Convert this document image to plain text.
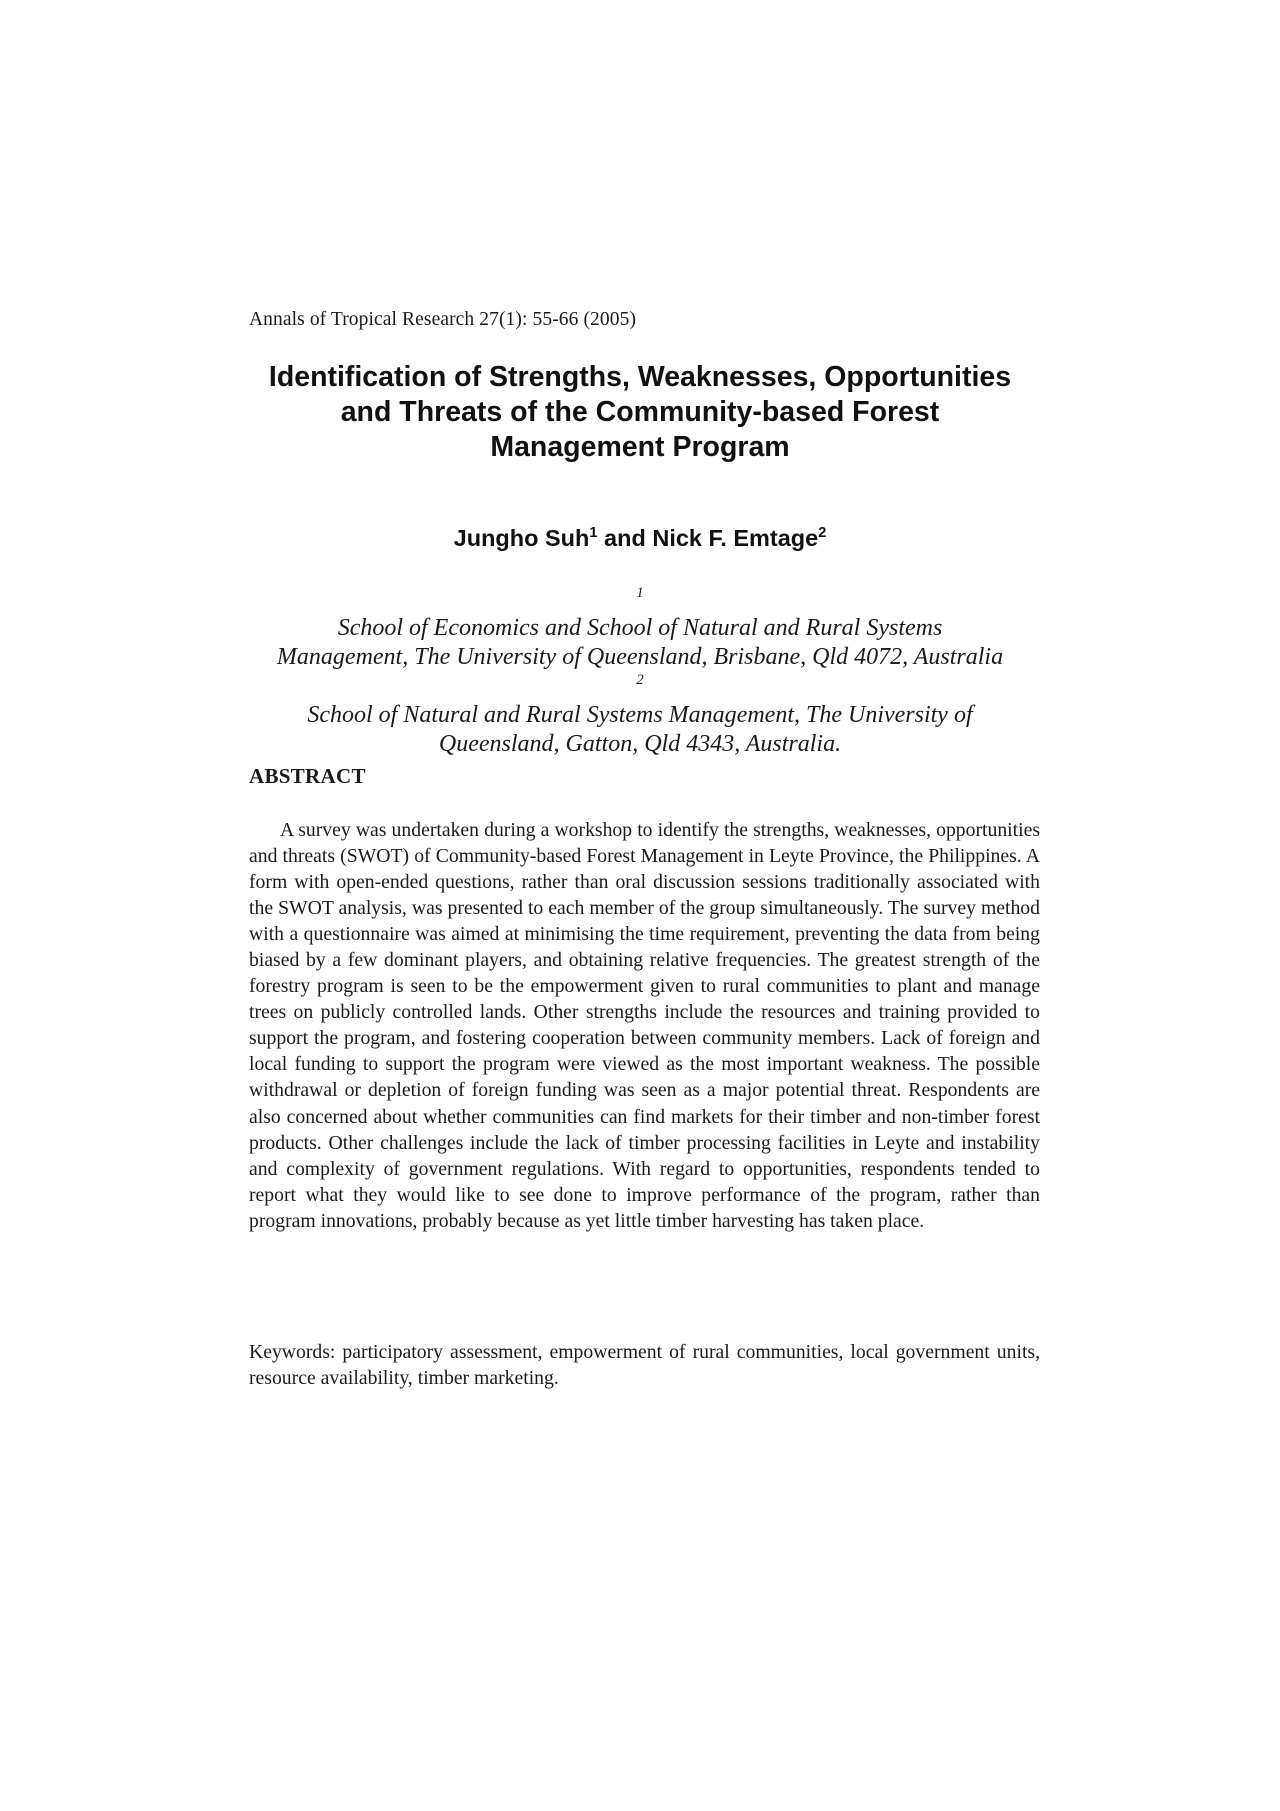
Annals of Tropical Research 27(1): 55-66 (2005)
Identification of Strengths, Weaknesses, Opportunities
and Threats of the Community-based Forest
Management Program
Jungho Suh$^1$ and Nick F. Emtage$^2$
$^1$
School of Economics and School of Natural and Rural Systems
Management, The University of Queensland, Brisbane, Qld 4072, Australia
$^2$
School of Natural and Rural Systems Management, The University of
Queensland, Gatton, Qld 4343, Australia.
ABSTRACT

A survey was undertaken during a workshop to identify the strengths, weaknesses, opportunities and threats (SWOT) of Community-based Forest Management in Leyte Province, the Philippines. A form with open-ended questions, rather than oral discussion sessions traditionally associated with the SWOT analysis, was presented to each member of the group simultaneously. The survey method with a questionnaire was aimed at minimising the time requirement, preventing the data from being biased by a few dominant players, and obtaining relative frequencies. The greatest strength of the forestry program is seen to be the empowerment given to rural communities to plant and manage trees on publicly controlled lands. Other strengths include the resources and training provided to support the program, and fostering cooperation between community members. Lack of foreign and local funding to support the program were viewed as the most important weakness. The possible withdrawal or depletion of foreign funding was seen as a major potential threat. Respondents are also concerned about whether communities can find markets for their timber and non-timber forest products. Other challenges include the lack of timber processing facilities in Leyte and instability and complexity of government regulations. With regard to opportunities, respondents tended to report what they would like to see done to improve performance of the program, rather than program innovations, probably because as yet little timber harvesting has taken place.

Keywords: participatory assessment, empowerment of rural communities, local government units, resource availability, timber marketing.
